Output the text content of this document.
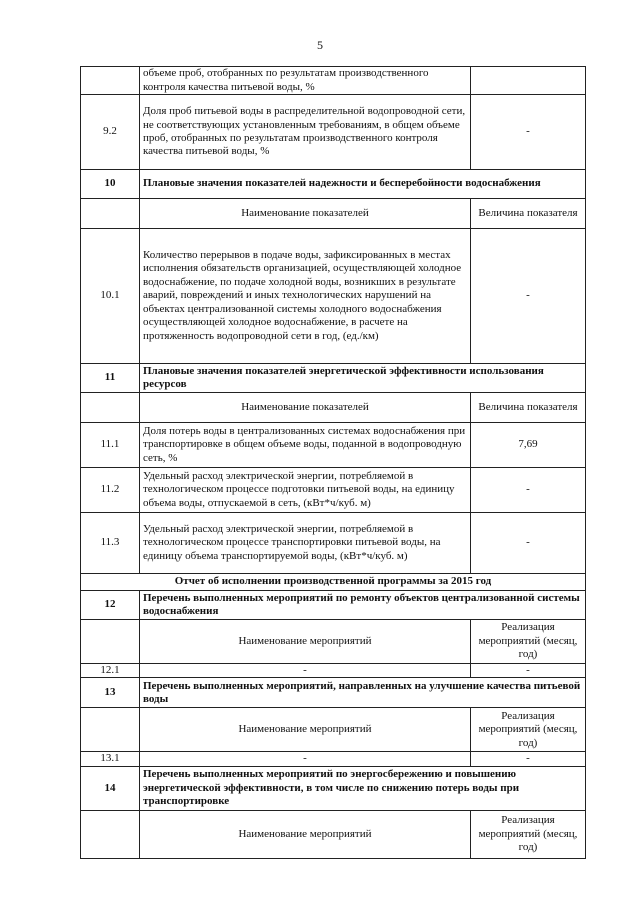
5
	объеме проб, отобранных по результатам производственного контроля качества питьевой воды, %	
9.2	Доля проб питьевой воды в распределительной водопроводной сети, не соответствующих установленным требованиям, в общем объеме проб, отобранных по результатам производственного контроля качества питьевой воды, %	-
10	Плановые значения показателей надежности и бесперебойности водоснабжения	
	Наименование показателей	Величина показателя
10.1	Количество перерывов в подаче воды, зафиксированных в местах исполнения обязательств организацией, осуществляющей холодное водоснабжение, по подаче холодной воды, возникших в результате аварий, повреждений и иных технологических нарушений на объектах централизованной системы холодного водоснабжения осуществляющей холодное водоснабжение, в расчете на протяженность водопроводной сети в год, (ед./км)	-
11	Плановые значения показателей энергетической эффективности использования ресурсов	
	Наименование показателей	Величина показателя
11.1	Доля потерь воды в централизованных системах водоснабжения при транспортировке в общем объеме воды, поданной в водопроводную сеть, %	7,69
11.2	Удельный расход электрической энергии, потребляемой в технологическом процессе подготовки питьевой воды, на единицу объема воды, отпускаемой в сеть, (кВт*ч/куб. м)	-
11.3	Удельный расход электрической энергии, потребляемой в технологическом процессе транспортировки питьевой воды, на единицу объема транспортируемой воды, (кВт*ч/куб. м)	-
Отчет об исполнении производственной программы за 2015 год		
12	Перечень выполненных мероприятий по ремонту объектов централизованной системы водоснабжения	
	Наименование мероприятий	Реализация мероприятий (месяц, год)
12.1	-	-
13	Перечень выполненных мероприятий, направленных на улучшение качества питьевой воды	
	Наименование мероприятий	Реализация мероприятий (месяц, год)
13.1	-	-
14	Перечень выполненных мероприятий по энергосбережению и повышению энергетической эффективности, в том числе по снижению потерь воды при транспортировке	
	Наименование мероприятий	Реализация мероприятий (месяц, год)
